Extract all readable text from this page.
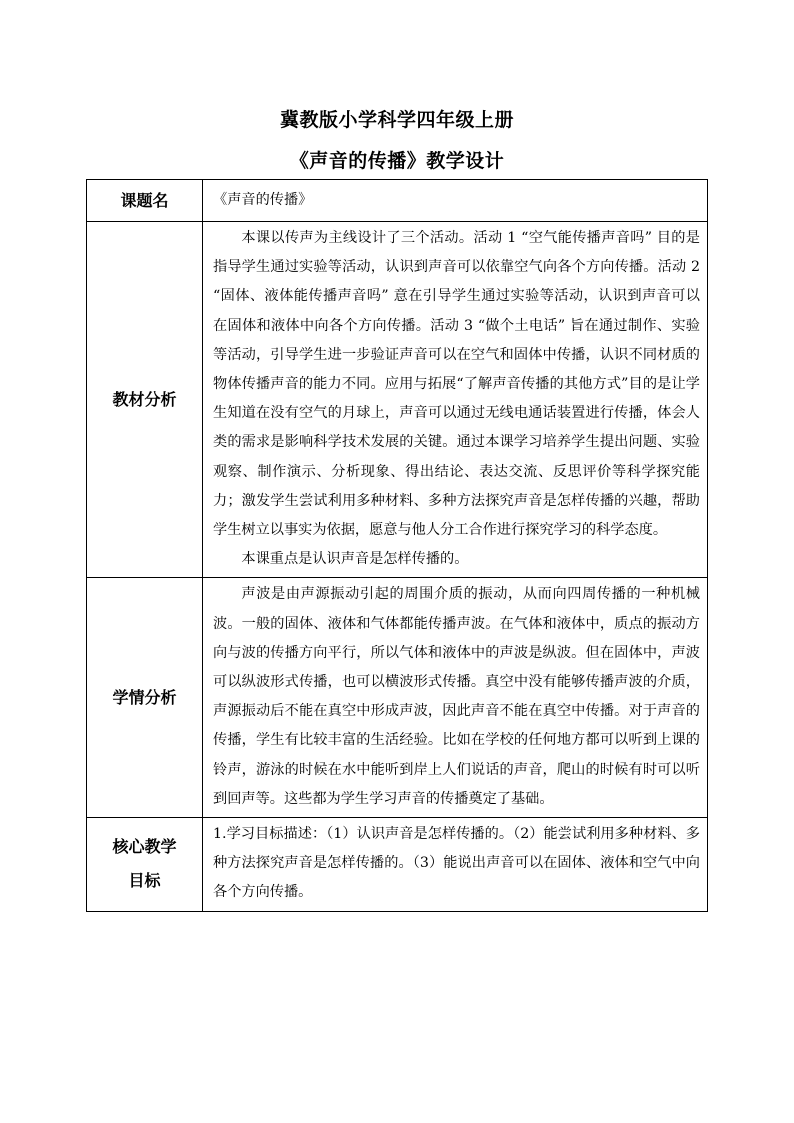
冀教版小学科学四年级上册
《声音的传播》教学设计
课题名	《声音的传播》
教材分析	本课以传声为主线设计了三个活动。活动 1 “空气能传播声音吗” 目的是指导学生通过实验等活动，认识到声音可以依靠空气向各个方向传播。活动 2 “固体、液体能传播声音吗” 意在引导学生通过实验等活动，认识到声音可以在固体和液体中向各个方向传播。活动 3 “做个土电话” 旨在通过制作、实验等活动，引导学生进一步验证声音可以在空气和固体中传播，认识不同材质的物体传播声音的能力不同。应用与拓展“了解声音传播的其他方式”目的是让学生知道在没有空气的月球上，声音可以通过无线电通话装置进行传播，体会人类的需求是影响科学技术发展的关键。通过本课学习培养学生提出问题、实验观察、制作演示、分析现象、得出结论、表达交流、反思评价等科学探究能力；激发学生尝试利用多种材料、多种方法探究声音是怎样传播的兴趣，帮助学生树立以事实为依据，愿意与他人分工合作进行探究学习的科学态度。

本课重点是认识声音是怎样传播的。

学情分析	声波是由声源振动引起的周围介质的振动，从而向四周传播的一种机械波。一般的固体、液体和气体都能传播声波。在气体和液体中，质点的振动方向与波的传播方向平行，所以气体和液体中的声波是纵波。但在固体中，声波可以纵波形式传播，也可以横波形式传播。真空中没有能够传播声波的介质，声源振动后不能在真空中形成声波，因此声音不能在真空中传播。对于声音的传播，学生有比较丰富的生活经验。比如在学校的任何地方都可以听到上课的铃声，游泳的时候在水中能听到岸上人们说话的声音，爬山的时候有时可以听到回声等。这些都为学生学习声音的传播奠定了基础。

核心教学
目标	1.学习目标描述：（1）认识声音是怎样传播的。（2）能尝试利用多种材料、多种方法探究声音是怎样传播的。（3）能说出声音可以在固体、液体和空气中向各个方向传播。
